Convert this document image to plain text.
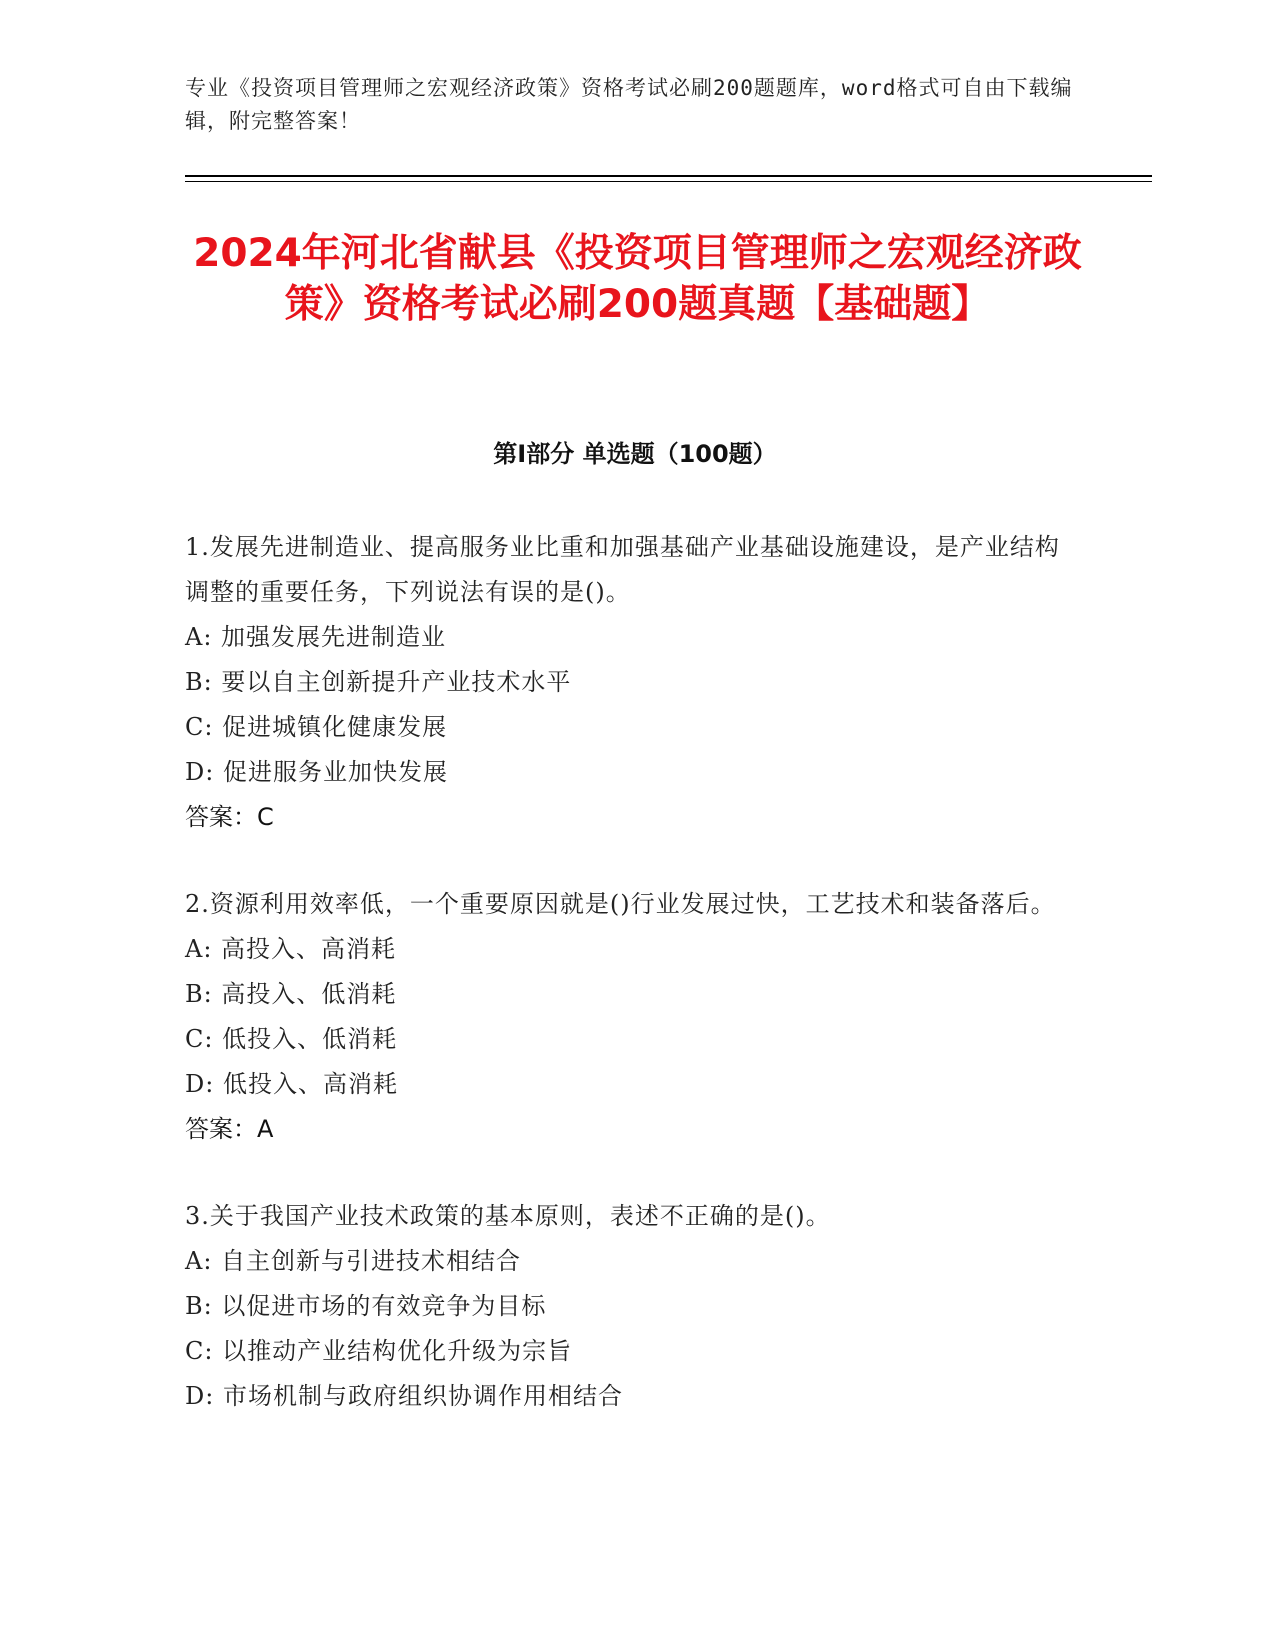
专业《投资项目管理师之宏观经济政策》资格考试必刷200题题库，word格式可自由下载编辑，附完整答案！
2024年河北省献县《投资项目管理师之宏观经济政策》资格考试必刷200题真题【基础题】
第I部分 单选题（100题）
1.发展先进制造业、提高服务业比重和加强基础产业基础设施建设，是产业结构调整的重要任务，下列说法有误的是()。
A: 加强发展先进制造业
B: 要以自主创新提升产业技术水平
C: 促进城镇化健康发展
D: 促进服务业加快发展
答案：C
2.资源利用效率低，一个重要原因就是()行业发展过快，工艺技术和装备落后。
A: 高投入、高消耗
B: 高投入、低消耗
C: 低投入、低消耗
D: 低投入、高消耗
答案：A
3.关于我国产业技术政策的基本原则，表述不正确的是()。
A: 自主创新与引进技术相结合
B: 以促进市场的有效竞争为目标
C: 以推动产业结构优化升级为宗旨
D: 市场机制与政府组织协调作用相结合
